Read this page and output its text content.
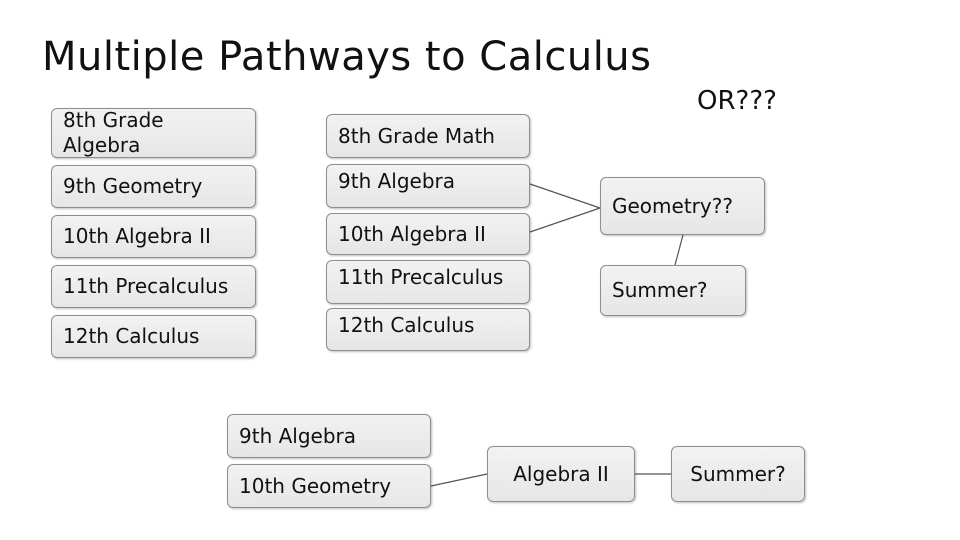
Multiple Pathways to Calculus
OR???
8th Grade Algebra
9th Geometry
10th Algebra II
11th Precalculus
12th Calculus
8th Grade Math
9th Algebra
10th Algebra II
11th Precalculus
12th Calculus
Geometry??
Summer?
9th Algebra
10th Geometry	Algebra II	Summer?
